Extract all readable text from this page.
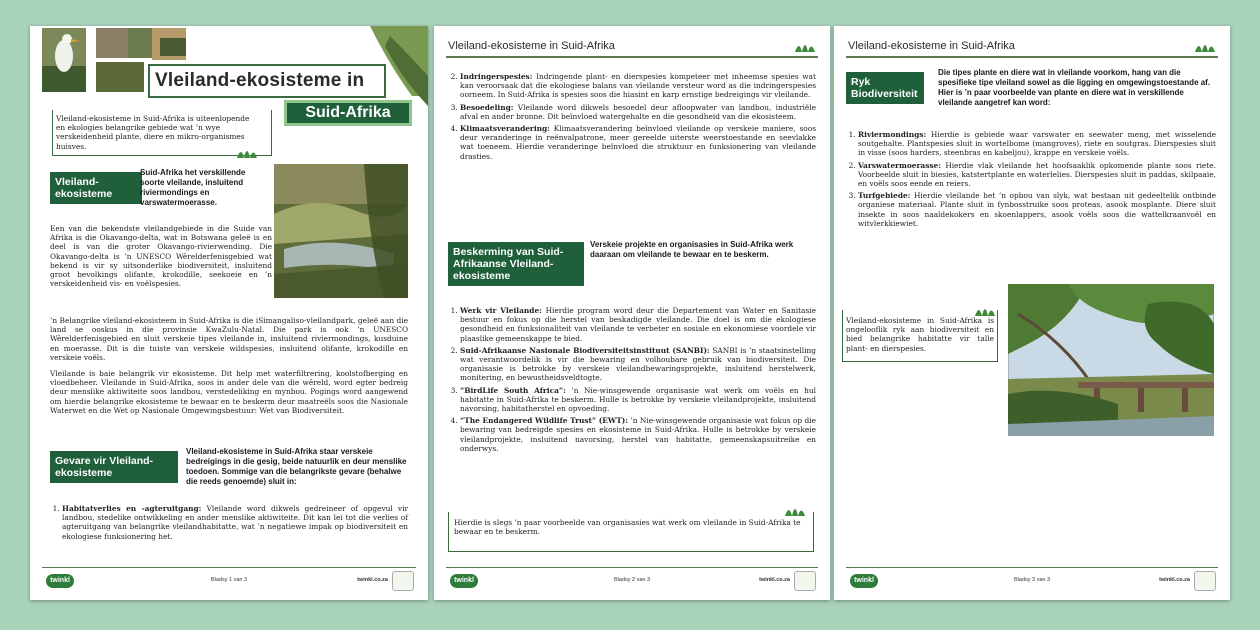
Vleiland-ekosisteme in
Suid-Afrika
Vleiland-ekosisteme in Suid-Afrika is uiteenlopende en ekologies belangrike gebiede wat ’n wye verskeidenheid plante, diere en mikro-organismes huisves.
Vleiland-ekosisteme
Suid-Afrika het verskillende soorte vleilande, insluitend riviermondings en varswatermoerasse.
Een van die bekendste vleilandgebiede in die Suide van Afrika is die Okavango-delta, wat in Botswana geleë is en deel is van die groter Okavango-rivierwending. Die Okavango-delta is ’n UNESCO Wêrelderfenisgebied wat bekend is vir sy uitsonderlike biodiversiteit, insluitend groot bevolkings olifante, krokodille, seekoeie en ’n verskeidenheid vis- en voëlspesies.
’n Belangrike vleiland-ekosisteem in Suid-Afrika is die iSimangaliso-vleilandpark, geleë aan die land se ooskus in die provinsie KwaZulu-Natal. Die park is ook ’n UNESCO Wêrelderfenisgebied en sluit verskeie tipes vleilande in, insluitend riviermondings, kusduine en moerasse. Dit is die tuiste van verskeie wildspesies, insluitend olifante, krokodille en verskeie voëls.
Vleilande is baie belangrik vir ekosisteme. Dit help met waterfiltrering, koolstofberging en vloedbeheer. Vleilande in Suid-Afrika, soos in ander dele van die wêreld, word egter bedreig deur menslike aktiwiteite soos landbou, verstedeliking en mynbou. Pogings word aangewend om hierdie belangrike ekosisteme te bewaar en te beskerm deur maatreëls soos die Nasionale Waterwet en die Wet op Nasionale Omgewingsbestuur: Wet van Biodiversiteit.
Gevare vir Vleiland-ekosisteme
Vleiland-ekosisteme in Suid-Afrika staar verskeie bedreigings in die gesig, beide natuurlik en deur menslike toedoen. Sommige van die belangrikste gevare (behalwe die reeds genoemde) sluit in:
1. Habitatverlies en -agteruitgang: Vleilande word dikwels gedreineer of opgevul vir landbou, stedelike ontwikkeling en ander menslike aktiwiteite. Dit kan lei tot die verlies of agteruitgang van belangrike vleilandhabitatte, wat ’n negatiewe impak op biodiversiteit en ekologiese funksionering het.
twinkl	Bladsy 1 van 3	twinkl.co.za
Vleiland-ekosisteme in Suid-Afrika
2. Indringerspesies: Indringende plant- en dierspesies kompeteer met inheemse spesies wat kan veroorsaak dat die ekologiese balans van vleilande versteur word as die indringerspesies oorneem. In Suid-Afrika is spesies soos die hiasint en karp ernstige bedreigings vir vleilande.
3. Besoedeling: Vleilande word dikwels besoedel deur afloopwater van landbou, industriële afval en ander bronne. Dit beïnvloed watergehalte en die gesondheid van die ekosisteem.
4. Klimaatsverandering: Klimaatsverandering beïnvloed vleilande op verskeie maniere, soos deur veranderinge in reënvalpatrone, meer gereelde uiterste weerstoestande en seevlakke wat toeneem. Hierdie veranderinge beïnvloed die struktuur en funksionering van vleilande drasties.
Beskerming van Suid-Afrikaanse Vleiland-ekosisteme
Verskeie projekte en organisasies in Suid-Afrika werk daaraan om vleilande te bewaar en te beskerm.
1. Werk vir Vleilande: Hierdie program word deur die Departement van Water en Sanitasie bestuur en fokus op die herstel van beskadigde vleilande. Die doel is om die ekologiese gesondheid en funksionaliteit van vleilande te verbeter en sosiale en ekonomiese voordele vir plaaslike gemeenskappe te bied.
2. Suid-Afrikaanse Nasionale Biodiversiteitsinstituut (SANBI): SANBI is ’n staatsinstelling wat verantwoordelik is vir die bewaring en volhoubare gebruik van biodiversiteit. Die organisasie is betrokke by verskeie vleilandbewaringsprojekte, insluitend herstelwerk, monitering, en bewustheidsveldtogte.
3. “BirdLife South Africa”: ’n Nie-winsgewende organisasie wat werk om voëls en hul habitatte in Suid-Afrika te beskerm. Hulle is betrokke by verskeie vleilandprojekte, insluitend navorsing, habitatherstel en opvoeding.
4. “The Endangered Wildlife Trust” (EWT): ’n Nie-winsgewende organisasie wat fokus op die bewaring van bedreigde spesies en ekosisteme in Suid-Afrika. Hulle is betrokke by verskeie vleilandprojekte, insluitend navorsing, herstel van habitatte, gemeenskapsuitreike en onderwys.
Hierdie is slegs ’n paar voorbeelde van organisasies wat werk om vleilande in Suid-Afrika te bewaar en te beskerm.
twinkl	Bladsy 2 van 3	twinkl.co.za
Vleiland-ekosisteme in Suid-Afrika
Ryk Biodiversiteit
Die tipes plante en diere wat in vleilande voorkom, hang van die spesifieke tipe vleiland sowel as die ligging en omgewingstoestande af. Hier is ’n paar voorbeelde van plante en diere wat in verskillende vleilande aangetref kan word:
1. Riviermondings: Hierdie is gebiede waar varswater en seewater meng, met wisselende soutgehalte. Plantspesies sluit in wortelbome (mangroves), riete en soutgras. Dierspesies sluit in visse (soos harders, steenbras en kabeljou), krappe en verskeie voëls.
2. Varswatermoerasse: Hierdie vlak vleilande het hoofsaaklik opkomende plante soos riete. Voorbeelde sluit in biesies, katstertplante en waterlelies. Dierspesies sluit in paddas, skilpaaie, en voëls soos eende en reiers.
3. Turfgebiede: Hierdie vleilande het ’n opbou van slyk, wat bestaan uit gedeeltelik ontbinde organiese materiaal. Plante sluit in fynbosstruike soos proteas, asook mosplante. Diere sluit insekte in soos naaldekokers en skoenlappers, asook voëls soos die wattelkraanvoël en witvlerkkiewiet.
Vleiland-ekosisteme in Suid-Afrika is ongelooflik ryk aan biodiversiteit en bied belangrike habitatte vir talle plant- en dierspesies.
twinkl	Bladsy 3 van 3	twinkl.co.za
